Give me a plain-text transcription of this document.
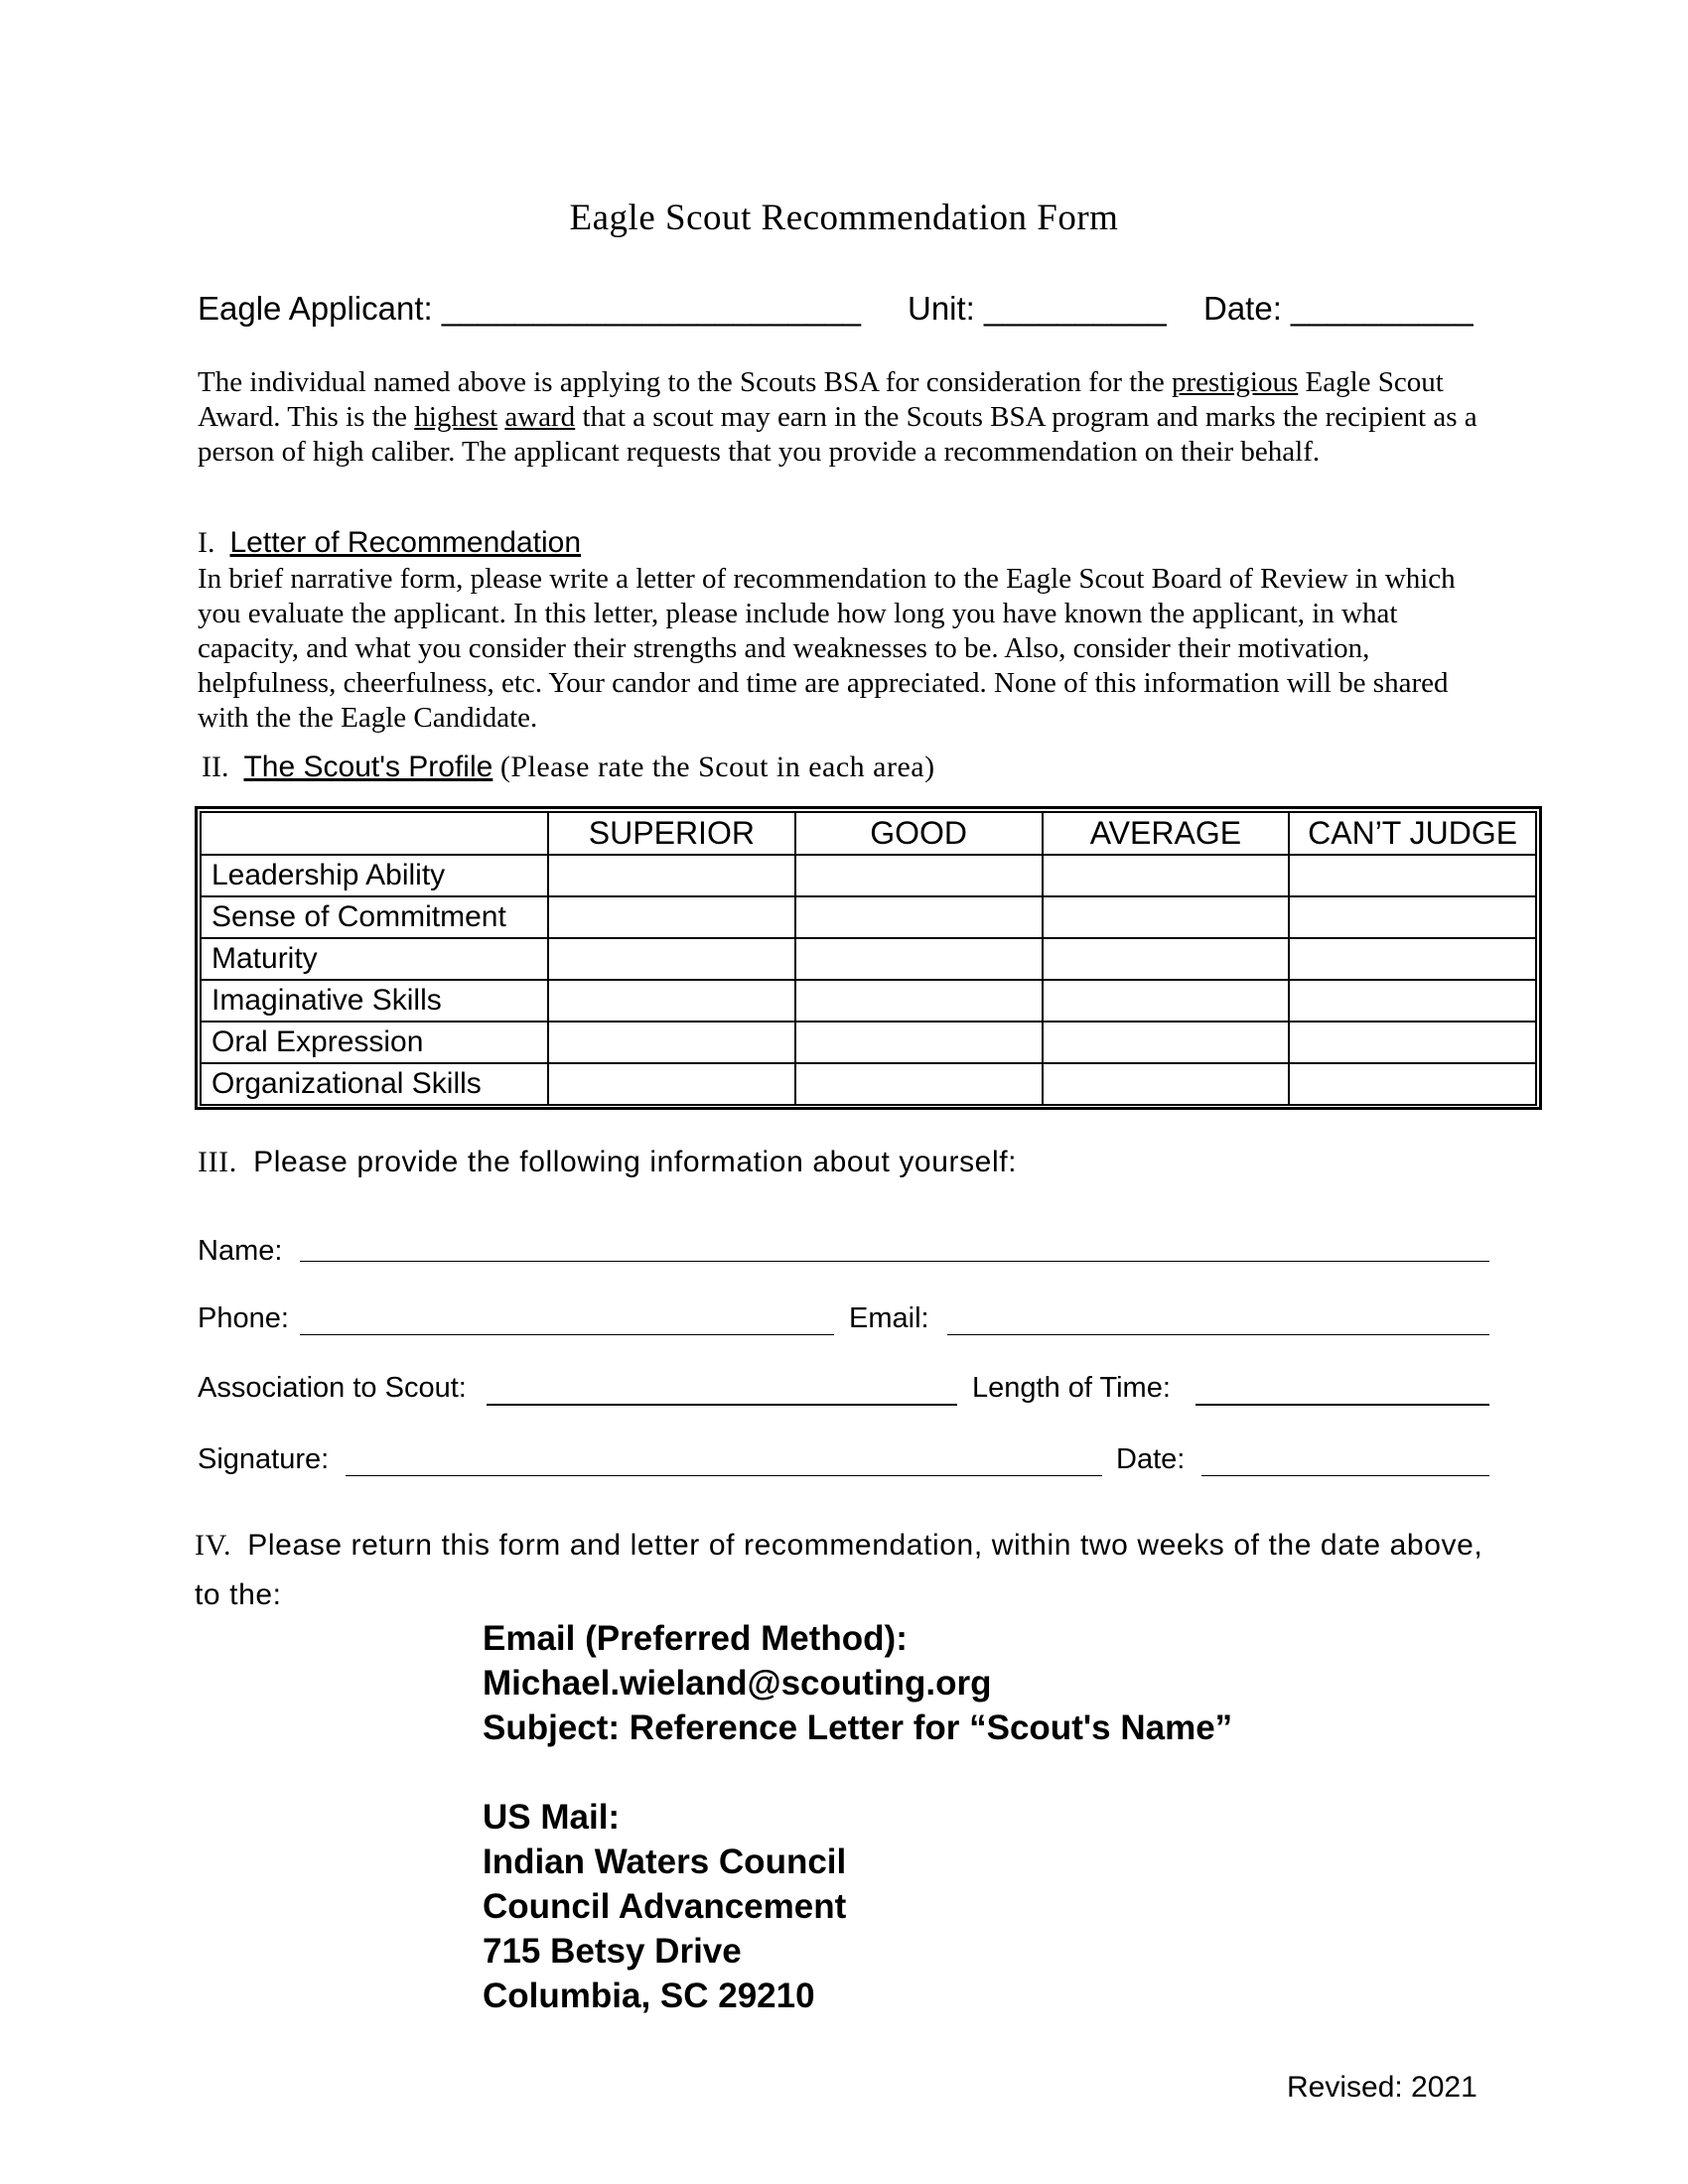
Eagle Scout Recommendation Form
Eagle Applicant: _______________________ Unit: __________ Date: __________

The individual named above is applying to the Scouts BSA for consideration for the prestigious Eagle Scout Award. This is the highest award that a scout may earn in the Scouts BSA program and marks the recipient as a person of high caliber. The applicant requests that you provide a recommendation on their behalf.

I. Letter of Recommendation

In brief narrative form, please write a letter of recommendation to the Eagle Scout Board of Review in which you evaluate the applicant. In this letter, please include how long you have known the applicant, in what capacity, and what you consider their strengths and weaknesses to be. Also, consider their motivation, helpfulness, cheerfulness, etc. Your candor and time are appreciated. None of this information will be shared with the the Eagle Candidate.

II. The Scout's Profile (Please rate the Scout in each area)
	SUPERIOR	GOOD	AVERAGE	CAN’T JUDGE
Leadership Ability				
Sense of Commitment				
Maturity				
Imaginative Skills				
Oral Expression				
Organizational Skills				
III. Please provide the following information about yourself:
Name:
Phone:	Email:
Association to Scout:	Length of Time:
Signature:	Date:
IV. Please return this form and letter of recommendation, within two weeks of the date above, to the:
Email (Preferred Method):
Michael.wieland@scouting.org
Subject: Reference Letter for “Scout's Name”
US Mail:
Indian Waters Council
Council Advancement
715 Betsy Drive
Columbia, SC 29210
Revised: 2021
